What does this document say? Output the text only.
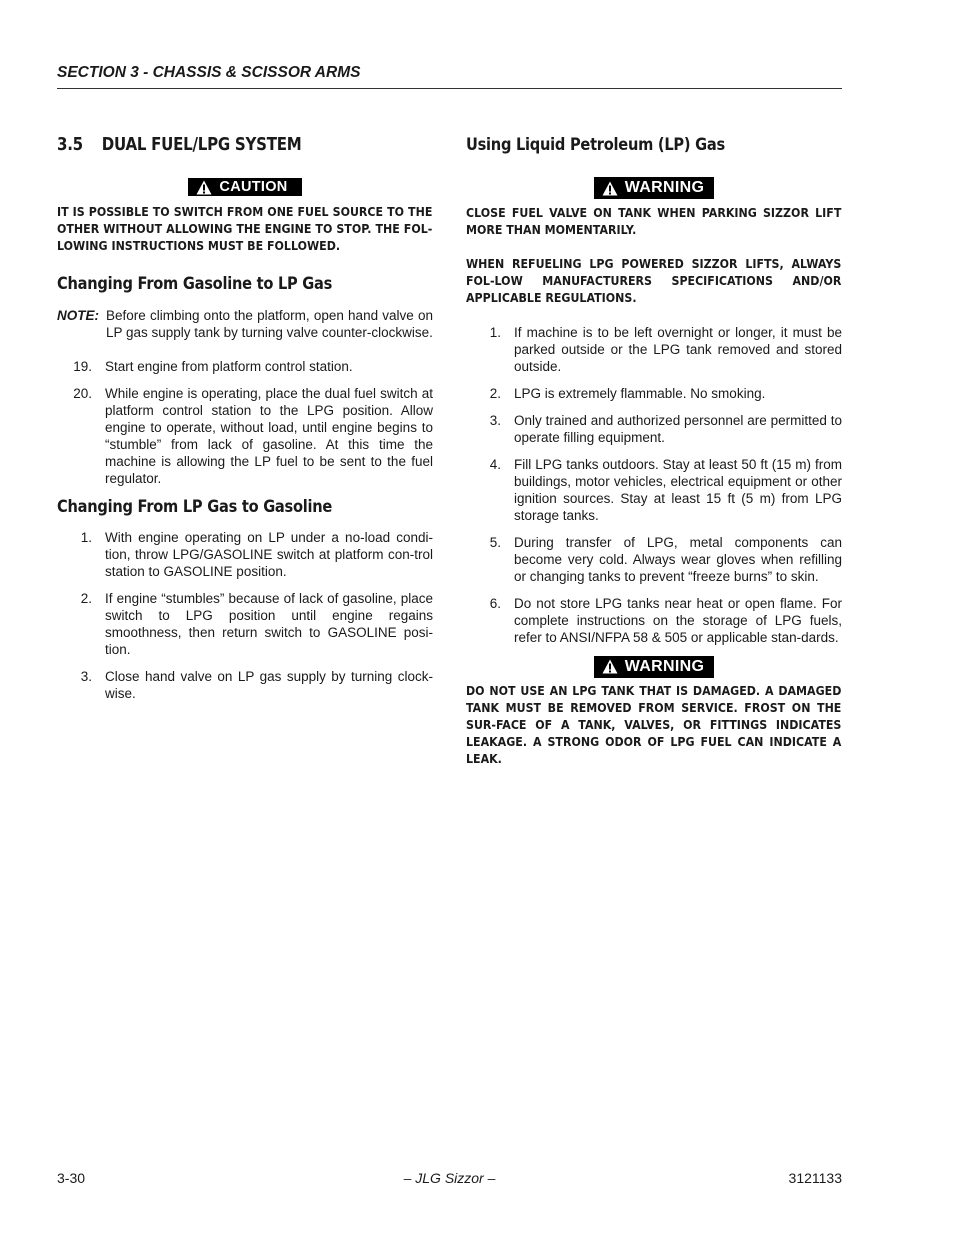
SECTION 3 - CHASSIS & SCISSOR ARMS
3.5 DUAL FUEL/LPG SYSTEM
CAUTION

IT IS POSSIBLE TO SWITCH FROM ONE FUEL SOURCE TO THE OTHER WITHOUT ALLOWING THE ENGINE TO STOP. THE FOL-LOWING INSTRUCTIONS MUST BE FOLLOWED.

Changing From Gasoline to LP Gas
NOTE: Before climbing onto the platform, open hand valve on LP gas supply tank by turning valve counter-clockwise.
19. Start engine from platform control station.
20. While engine is operating, place the dual fuel switch at platform control station to the LPG position. Allow engine to operate, without load, until engine begins to “stumble” from lack of gasoline. At this time the machine is allowing the LP fuel to be sent to the fuel regulator.
Changing From LP Gas to Gasoline
1. With engine operating on LP under a no-load condi-tion, throw LPG/GASOLINE switch at platform con-trol station to GASOLINE position.
2. If engine “stumbles” because of lack of gasoline, place switch to LPG position until engine regains smoothness, then return switch to GASOLINE posi-tion.
3. Close hand valve on LP gas supply by turning clock-wise.
Using Liquid Petroleum (LP) Gas
WARNING

CLOSE FUEL VALVE ON TANK WHEN PARKING SIZZOR LIFT MORE THAN MOMENTARILY.

WHEN REFUELING LPG POWERED SIZZOR LIFTS, ALWAYS FOL-LOW MANUFACTURERS SPECIFICATIONS AND/OR APPLICABLE REGULATIONS.

1. If machine is to be left overnight or longer, it must be parked outside or the LPG tank removed and stored outside.
2. LPG is extremely flammable. No smoking.
3. Only trained and authorized personnel are permitted to operate filling equipment.
4. Fill LPG tanks outdoors. Stay at least 50 ft (15 m) from buildings, motor vehicles, electrical equipment or other ignition sources. Stay at least 15 ft (5 m) from LPG storage tanks.
5. During transfer of LPG, metal components can become very cold. Always wear gloves when refilling or changing tanks to prevent “freeze burns” to skin.
6. Do not store LPG tanks near heat or open flame. For complete instructions on the storage of LPG fuels, refer to ANSI/NFPA 58 & 505 or applicable stan-dards.
WARNING

DO NOT USE AN LPG TANK THAT IS DAMAGED. A DAMAGED TANK MUST BE REMOVED FROM SERVICE. FROST ON THE SUR-FACE OF A TANK, VALVES, OR FITTINGS INDICATES LEAKAGE. A STRONG ODOR OF LPG FUEL CAN INDICATE A LEAK.

3-30	– JLG Sizzor –	3121133
